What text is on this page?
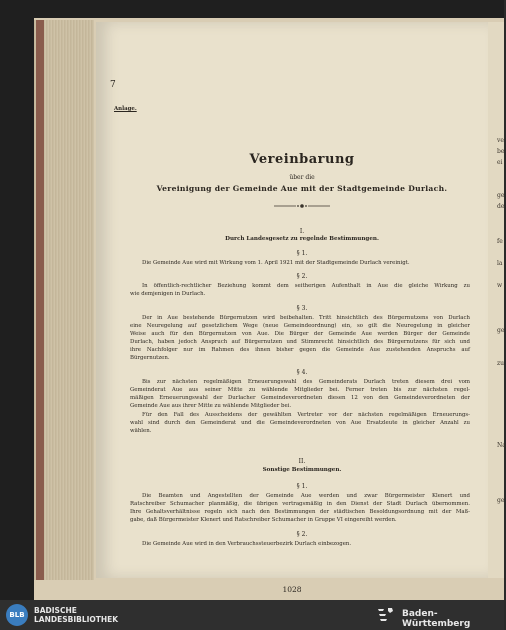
7
Anlage.
Vereinbarung
über die
Vereinigung der Gemeinde Aue mit der Stadtgemeinde Durlach.
I.
Durch Landesgesetz zu regelnde Bestimmungen.
§ 1.
Die Gemeinde Aue wird mit Wirkung vom 1. April 1921 mit der Stadtgemeinde Durlach vereinigt.
§ 2.
In öffentlich-rechtlicher Beziehung kommt dem seitherigen Aufenthalt in Aue die gleiche Wirkung zu
wie demjenigen in Durlach.
§ 3.
Der in Aue bestehende Bürgernutzen wird beibehalten. Tritt hinsichtlich des Bürgernutzens von Durlach
eine Neuregelung auf gesetzlichem Wege (neue Gemeindeordnung) ein, so gilt die Neuregelung in gleicher
Weise auch für den Bürgernutzen von Aue. Die Bürger der Gemeinde Aue werden Bürger der Gemeinde
Durlach, haben jedoch Anspruch auf Bürgernutzen und Stimmrecht hinsichtlich des Bürgernutzens für sich und
ihre Nachfolger nur im Rahmen des ihnen bisher gegen die Gemeinde Aue zustehenden Anspruchs auf
Bürgernutzen.
§ 4.
Bis zur nächsten regelmäßigen Erneuerungswahl des Gemeinderats Durlach treten diesem drei vom
Gemeinderat Aue aus seiner Mitte zu wählende Mitglieder bei. Ferner treten bis zur nächsten regel-
mäßigen Erneuerungswahl der Durlacher Gemeindeverordneten diesen 12 von den Gemeindeverordneten der
Gemeinde Aue aus ihrer Mitte zu wählende Mitglieder bei.
Für den Fall des Ausscheidens der gewählten Vertreter vor der nächsten regelmäßigen Erneuerungs-
wahl sind durch den Gemeinderat und die Gemeindeverordneten von Aue Ersatzleute in gleicher Anzahl zu
wählen.
II.
Sonstige Bestimmungen.
§ 1.
Die Beamten und Angestellten der Gemeinde Aue werden und zwar Bürgermeister Klenert und
Ratschreiber Schumacher planmäßig, die übrigen vertragsmäßig in den Dienst der Stadt Durlach übernommen.
Ihre Gehaltsverhältnisse regeln sich nach den Bestimmungen der städtischen Besoldungsordnung mit der Maß-
gabe, daß Bürgermeister Klenert und Ratschreiber Schumacher in Gruppe VI eingereiht werden.
§ 2.
Die Gemeinde Aue wird in den Verbrauchssteuerbezirk Durlach einbezogen.
1028
ve
be
ei
ge
de
fe
la
w
ge
zu
Na
ge
BLB	BADISCHE
LANDESBIBLIOTHEK
Baden-Württemberg
